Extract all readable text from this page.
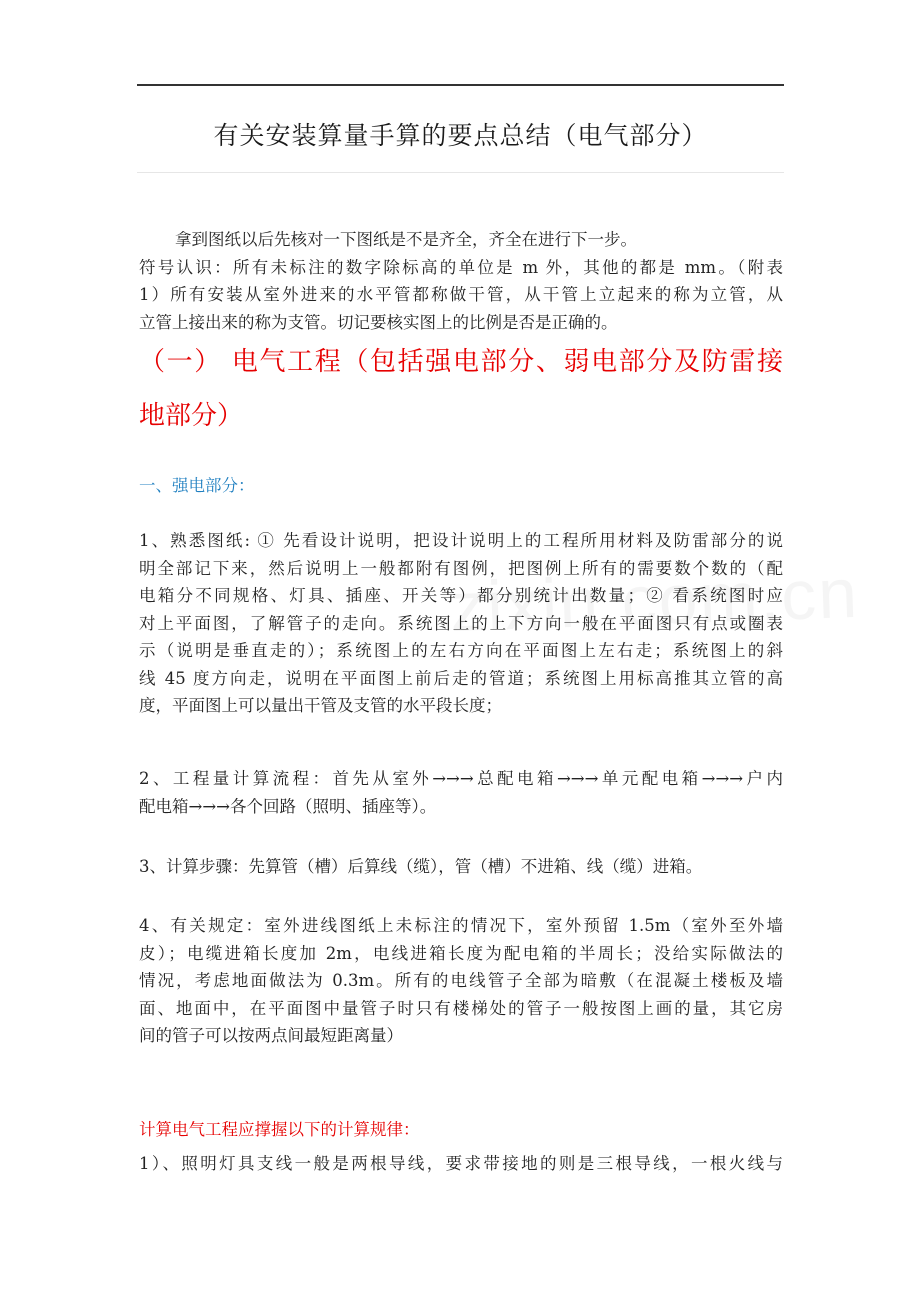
有关安装算量手算的要点总结（电气部分）
拿到图纸以后先核对一下图纸是不是齐全，齐全在进行下一步。
符号认识：所有未标注的数字除标高的单位是 m 外，其他的都是 mm。（附表
1）所有安装从室外进来的水平管都称做干管，从干管上立起来的称为立管，从
立管上接出来的称为支管。切记要核实图上的比例是否是正确的。
（一） 电气工程（包括强电部分、弱电部分及防雷接
地部分）
一、强电部分：
1、熟悉图纸: ① 先看设计说明，把设计说明上的工程所用材料及防雷部分的说
明全部记下来，然后说明上一般都附有图例，把图例上所有的需要数个数的（配
电箱分不同规格、灯具、插座、开关等）都分别统计出数量；② 看系统图时应
对上平面图，了解管子的走向。系统图上的上下方向一般在平面图只有点或圈表
示（说明是垂直走的）；系统图上的左右方向在平面图上左右走；系统图上的斜
线 45 度方向走，说明在平面图上前后走的管道；系统图上用标高推其立管的高
度，平面图上可以量出干管及支管的水平段长度；
2、工程量计算流程：首先从室外→→→总配电箱→→→单元配电箱→→→户内
配电箱→→→各个回路（照明、插座等）。
3、计算步骤：先算管（槽）后算线（缆），管（槽）不进箱、线（缆）进箱。
4、有关规定：室外进线图纸上未标注的情况下，室外预留 1.5m（室外至外墙
皮）；电缆进箱长度加 2m，电线进箱长度为配电箱的半周长；没给实际做法的
情况，考虑地面做法为 0.3m。所有的电线管子全部为暗敷（在混凝土楼板及墙
面、地面中，在平面图中量管子时只有楼梯处的管子一般按图上画的量，其它房
间的管子可以按两点间最短距离量）
计算电气工程应撑握以下的计算规律：
1）、照明灯具支线一般是两根导线，要求带接地的则是三根导线，一根火线与
